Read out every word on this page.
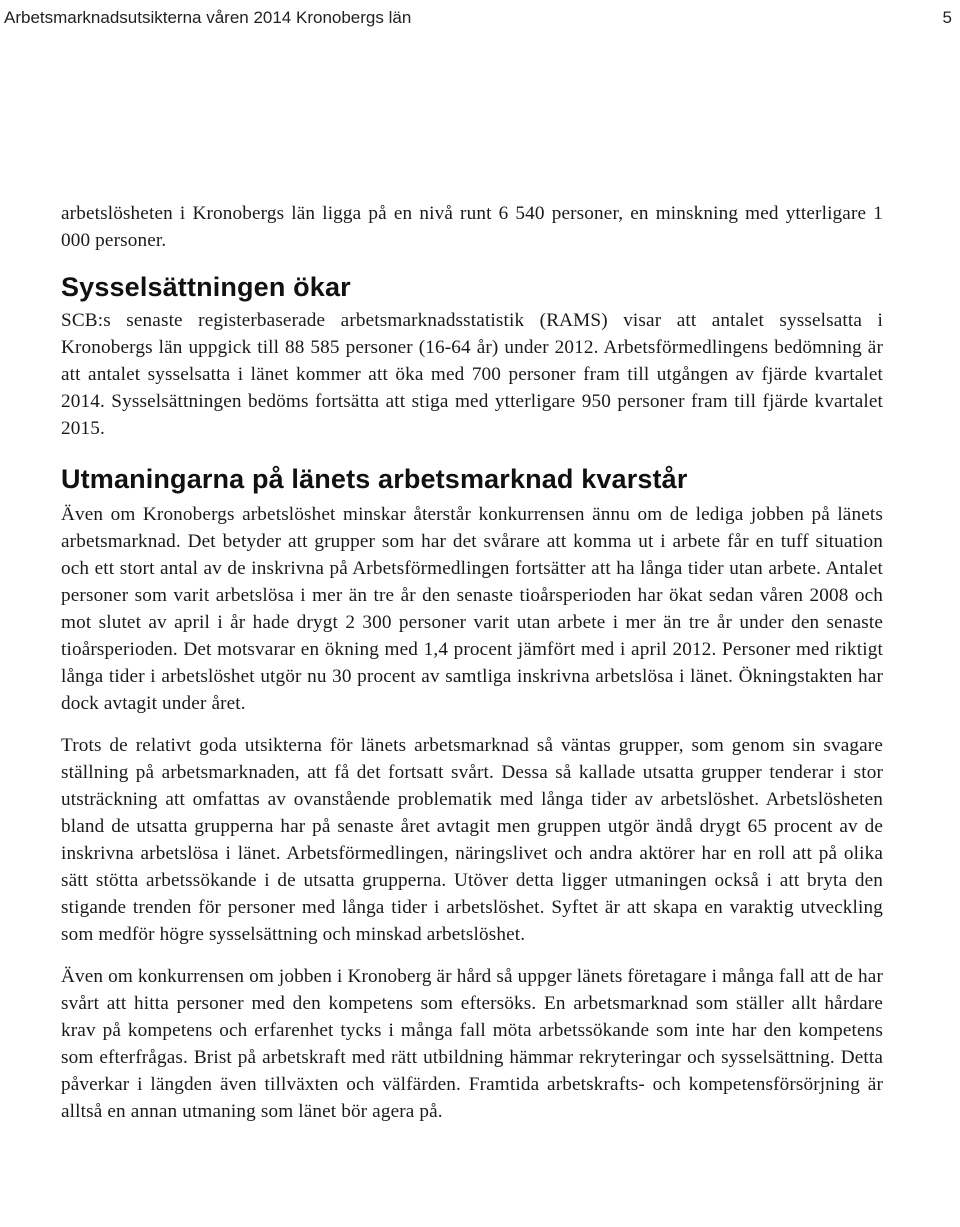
Arbetsmarknadsutsikterna våren 2014 Kronobergs län	5

arbetslösheten i Kronobergs län ligga på en nivå runt 6 540 personer, en minskning med ytterligare 1 000 personer.

Sysselsättningen ökar

SCB:s senaste registerbaserade arbetsmarknadsstatistik (RAMS) visar att antalet sysselsatta i Kronobergs län uppgick till 88 585 personer (16-64 år) under 2012. Arbetsförmedlingens bedömning är att antalet sysselsatta i länet kommer att öka med 700 personer fram till utgången av fjärde kvartalet 2014. Sysselsättningen bedöms fortsätta att stiga med ytterligare 950 personer fram till fjärde kvartalet 2015.

Utmaningarna på länets arbetsmarknad kvarstår

Även om Kronobergs arbetslöshet minskar återstår konkurrensen ännu om de lediga jobben på länets arbetsmarknad. Det betyder att grupper som har det svårare att komma ut i arbete får en tuff situation och ett stort antal av de inskrivna på Arbetsförmedlingen fortsätter att ha långa tider utan arbete. Antalet personer som varit arbetslösa i mer än tre år den senaste tioårsperioden har ökat sedan våren 2008 och mot slutet av april i år hade drygt 2 300 personer varit utan arbete i mer än tre år under den senaste tioårsperioden. Det motsvarar en ökning med 1,4 procent jämfört med i april 2012. Personer med riktigt långa tider i arbetslöshet utgör nu 30 procent av samtliga inskrivna arbetslösa i länet. Ökningstakten har dock avtagit under året.

Trots de relativt goda utsikterna för länets arbetsmarknad så väntas grupper, som genom sin svagare ställning på arbetsmarknaden, att få det fortsatt svårt. Dessa så kallade utsatta grupper tenderar i stor utsträckning att omfattas av ovanstående problematik med långa tider av arbetslöshet. Arbetslösheten bland de utsatta grupperna har på senaste året avtagit men gruppen utgör ändå drygt 65 procent av de inskrivna arbetslösa i länet. Arbetsförmedlingen, näringslivet och andra aktörer har en roll att på olika sätt stötta arbetssökande i de utsatta grupperna. Utöver detta ligger utmaningen också i att bryta den stigande trenden för personer med långa tider i arbetslöshet. Syftet är att skapa en varaktig utveckling som medför högre sysselsättning och minskad arbetslöshet.

Även om konkurrensen om jobben i Kronoberg är hård så uppger länets företagare i många fall att de har svårt att hitta personer med den kompetens som eftersöks. En arbetsmarknad som ställer allt hårdare krav på kompetens och erfarenhet tycks i många fall möta arbetssökande som inte har den kompetens som efterfrågas. Brist på arbetskraft med rätt utbildning hämmar rekryteringar och sysselsättning. Detta påverkar i längden även tillväxten och välfärden. Framtida arbetskrafts- och kompetensförsörjning är alltså en annan utmaning som länet bör agera på.
